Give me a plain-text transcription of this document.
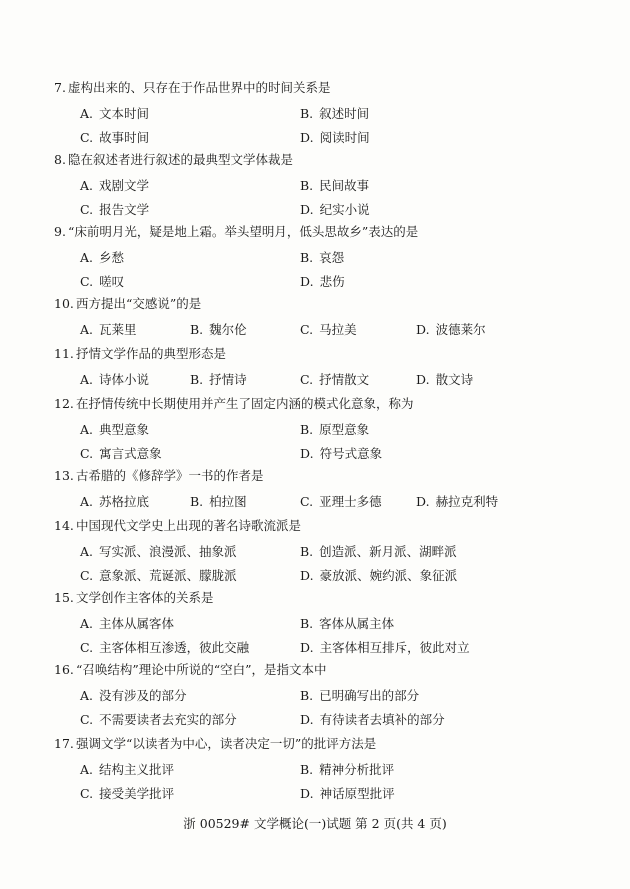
7. 虚构出来的、只存在于作品世界中的时间关系是
A. 文本时间	B. 叙述时间
C. 故事时间	D. 阅读时间
8. 隐在叙述者进行叙述的最典型文学体裁是
A. 戏剧文学	B. 民间故事
C. 报告文学	D. 纪实小说
9. “床前明月光，疑是地上霜。举头望明月，低头思故乡”表达的是
A. 乡愁	B. 哀怨
C. 嗟叹	D. 悲伤
10. 西方提出“交感说”的是
A. 瓦莱里	B. 魏尔伦	C. 马拉美	D. 波德莱尔
11. 抒情文学作品的典型形态是
A. 诗体小说	B. 抒情诗	C. 抒情散文	D. 散文诗
12. 在抒情传统中长期使用并产生了固定内涵的模式化意象，称为
A. 典型意象	B. 原型意象
C. 寓言式意象	D. 符号式意象
13. 古希腊的《修辞学》一书的作者是
A. 苏格拉底	B. 柏拉图	C. 亚理士多德	D. 赫拉克利特
14. 中国现代文学史上出现的著名诗歌流派是
A. 写实派、浪漫派、抽象派	B. 创造派、新月派、湖畔派
C. 意象派、荒诞派、朦胧派	D. 豪放派、婉约派、象征派
15. 文学创作主客体的关系是
A. 主体从属客体	B. 客体从属主体
C. 主客体相互渗透，彼此交融	D. 主客体相互排斥，彼此对立
16. “召唤结构”理论中所说的“空白”，是指文本中
A. 没有涉及的部分	B. 已明确写出的部分
C. 不需要读者去充实的部分	D. 有待读者去填补的部分
17. 强调文学“以读者为中心，读者决定一切”的批评方法是
A. 结构主义批评	B. 精神分析批评
C. 接受美学批评	D. 神话原型批评
浙 00529# 文学概论(一)试题 第 2 页(共 4 页)
